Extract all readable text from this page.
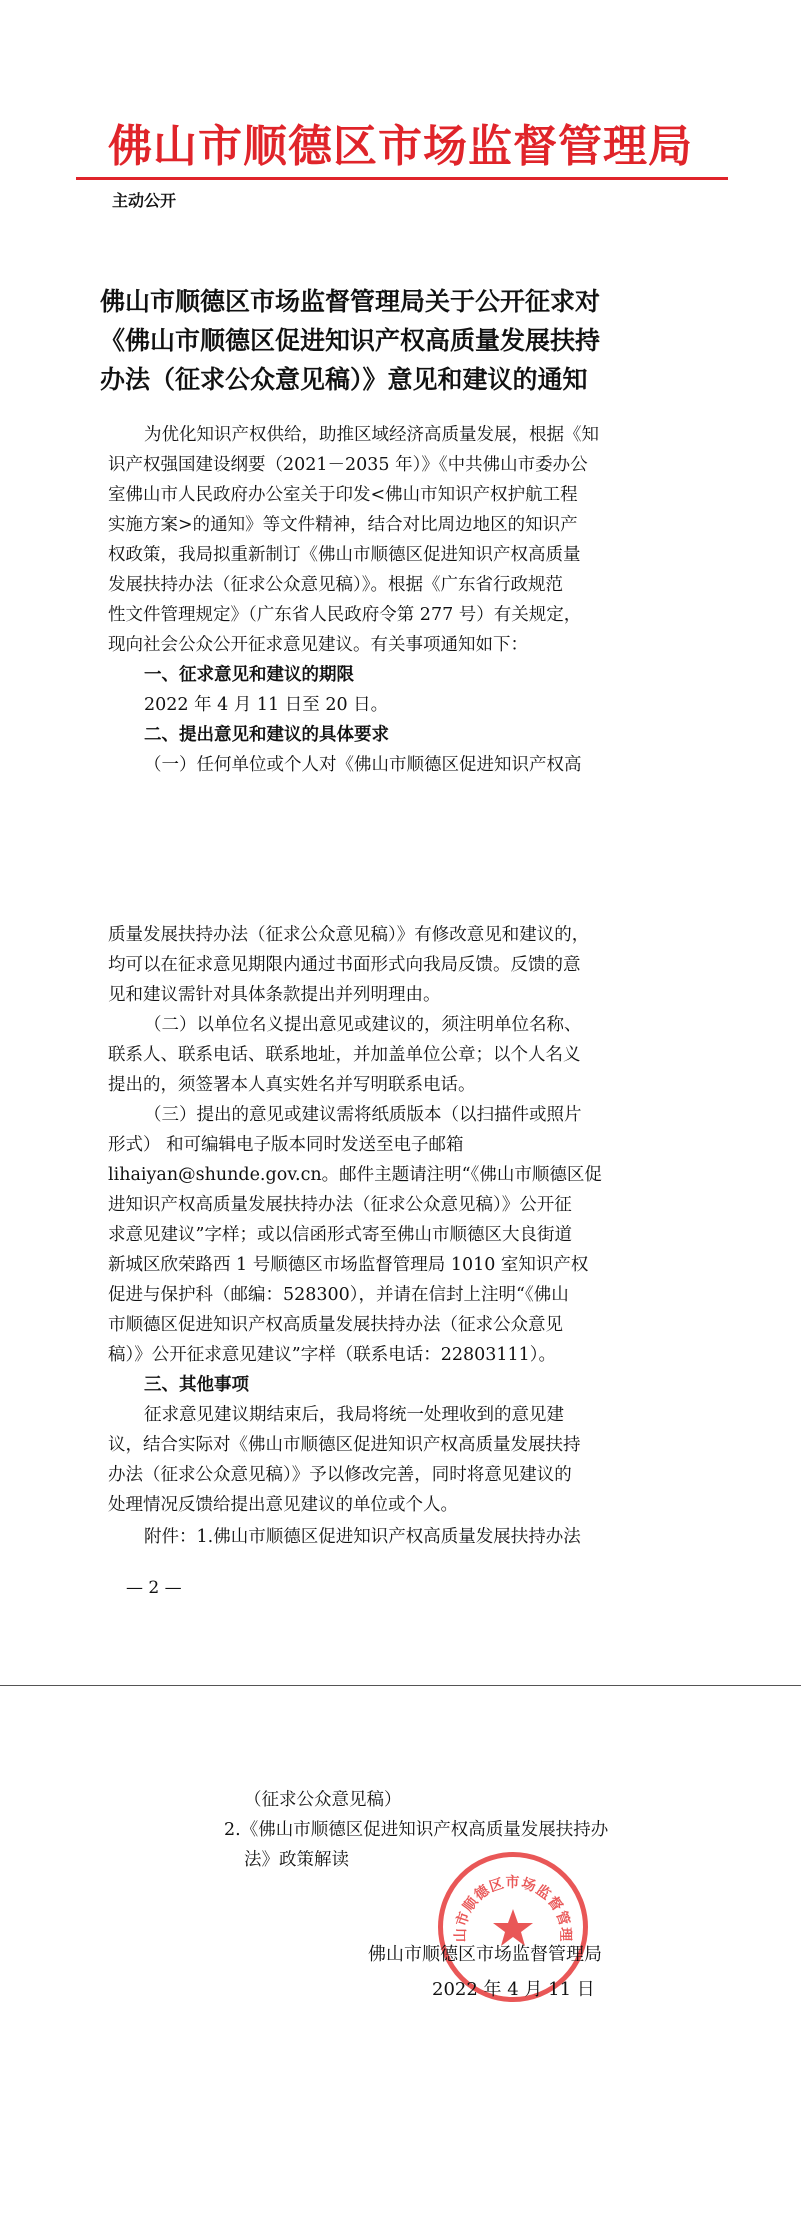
佛山市顺德区市场监督管理局
主动公开
佛山市顺德区市场监督管理局关于公开征求对
《佛山市顺德区促进知识产权高质量发展扶持
办法（征求公众意见稿）》意见和建议的通知
为优化知识产权供给，助推区域经济高质量发展，根据《知
识产权强国建设纲要（2021－2035 年）》《中共佛山市委办公
室佛山市人民政府办公室关于印发<佛山市知识产权护航工程
实施方案>的通知》等文件精神，结合对比周边地区的知识产
权政策，我局拟重新制订《佛山市顺德区促进知识产权高质量
发展扶持办法（征求公众意见稿）》。根据《广东省行政规范
性文件管理规定》（广东省人民政府令第 277 号）有关规定，
现向社会公众公开征求意见建议。有关事项通知如下：
一、征求意见和建议的期限
2022 年 4 月 11 日至 20 日。
二、提出意见和建议的具体要求
（一）任何单位或个人对《佛山市顺德区促进知识产权高
质量发展扶持办法（征求公众意见稿）》有修改意见和建议的，
均可以在征求意见期限内通过书面形式向我局反馈。反馈的意
见和建议需针对具体条款提出并列明理由。
（二）以单位名义提出意见或建议的，须注明单位名称、
联系人、联系电话、联系地址，并加盖单位公章；以个人名义
提出的，须签署本人真实姓名并写明联系电话。
（三）提出的意见或建议需将纸质版本（以扫描件或照片
形式） 和可编辑电子版本同时发送至电子邮箱
lihaiyan@shunde.gov.cn。邮件主题请注明“《佛山市顺德区促
进知识产权高质量发展扶持办法（征求公众意见稿）》公开征
求意见建议”字样；或以信函形式寄至佛山市顺德区大良街道
新城区欣荣路西 1 号顺德区市场监督管理局 1010 室知识产权
促进与保护科（邮编：528300），并请在信封上注明“《佛山
市顺德区促进知识产权高质量发展扶持办法（征求公众意见
稿）》公开征求意见建议”字样（联系电话：22803111）。
三、其他事项
征求意见建议期结束后，我局将统一处理收到的意见建
议，结合实际对《佛山市顺德区促进知识产权高质量发展扶持
办法（征求公众意见稿）》予以修改完善，同时将意见建议的
处理情况反馈给提出意见建议的单位或个人。
附件：1.佛山市顺德区促进知识产权高质量发展扶持办法
（征求公众意见稿）
2.《佛山市顺德区促进知识产权高质量发展扶持办
法》政策解读
— 2 —
山市顺德区市场监督管理
佛山市顺德区市场监督管理局
2022 年 4 月 11 日
